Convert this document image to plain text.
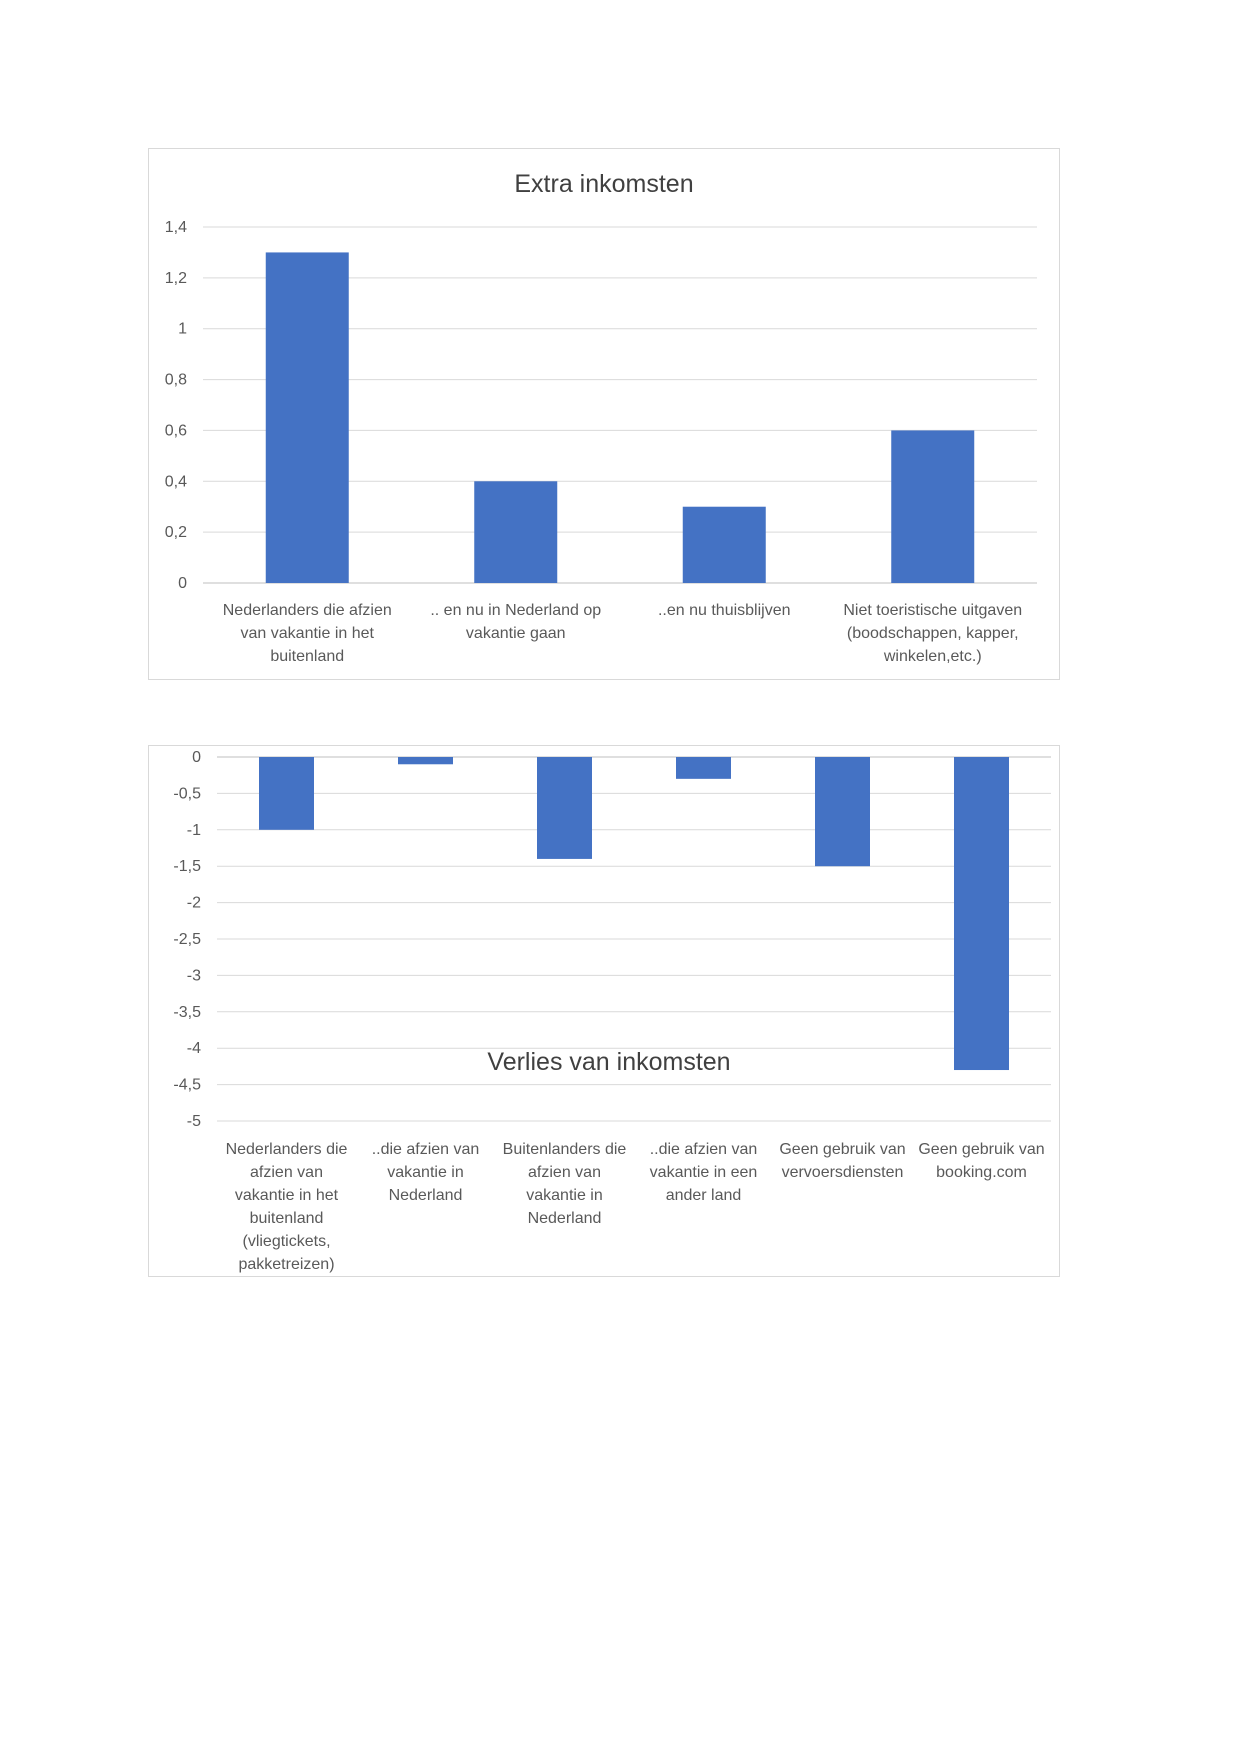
0
0,2
0,4
0,6
0,8
1
1,2
1,4
Nederlanders die afzien van vakantie in het buitenland
.. en nu in Nederland op vakantie gaan
..en nu thuisblijven	Niet toeristische uitgaven (boodschappen, kapper, winkelen,etc.)
Extra inkomsten
0
-0,5
-1
-1,5
-2
-2,5
-3
-3,5
-4
-4,5
-5
Nederlanders die afzien van vakantie in het buitenland (vliegtickets, pakketreizen)
..die afzien van vakantie in Nederland
Buitenlanders die afzien van vakantie in Nederland
..die afzien van vakantie in een ander land
Geen gebruik van vervoersdiensten
Geen gebruik van booking.com
Verlies van inkomsten
